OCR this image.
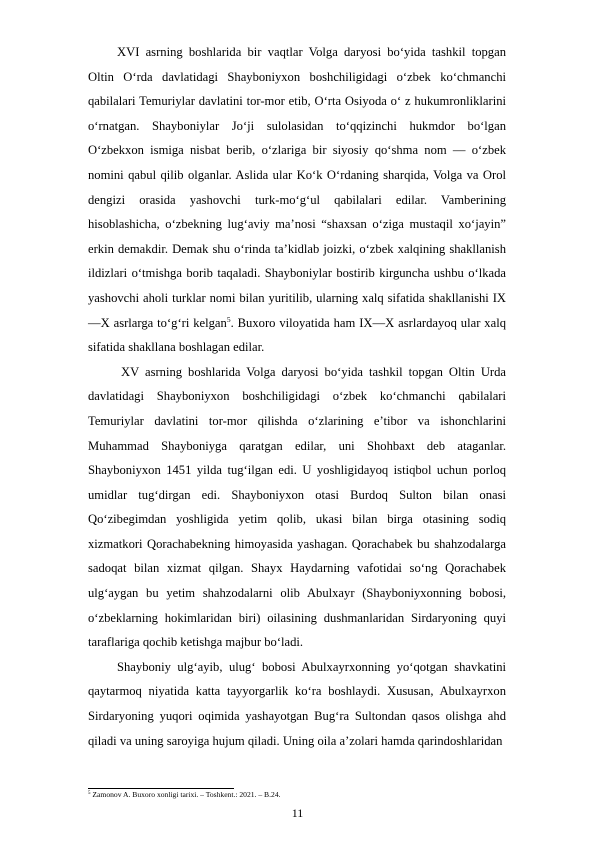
XVI asrning boshlarida bir vaqtlar Volga daryosi bo‘yida tashkil topgan Oltin O‘rda davlatidagi Shayboniyxon boshchiligidagi o‘zbek ko‘chmanchi qabilalari Temuriylar davlatini tor-mor etib, O‘rta Osiyoda o‘ z hukumronliklarini o‘rnatgan. Shayboniylar Jo‘ji sulolasidan to‘qqizinchi hukmdor bo‘lgan O‘zbekxon ismiga nisbat berib, o‘zlariga bir siyosiy qo‘shma nom — o‘zbek nomini qabul qilib olganlar. Aslida ular Ko‘k O‘rdaning sharqida, Volga va Orol dengizi orasida yashovchi turk-mo‘g‘ul qabilalari edilar. Vamberining hisoblashicha, o‘zbekning lug‘aviy ma’nosi “shaxsan o‘ziga mustaqil xo‘jayin” erkin demakdir. Demak shu o‘rinda ta’kidlab joizki, o‘zbek xalqining shakllanish ildizlari o‘tmishga borib taqaladi. Shayboniylar bostirib kirguncha ushbu o‘lkada yashovchi aholi turklar nomi bilan yuritilib, ularning xalq sifatida shakllanishi IX—X asrlarga to‘g‘ri kelgan$^5$. Buxoro viloyatida ham IX—X asrlardayoq ular xalq sifatida shakllana boshlagan edilar.

XV asrning boshlarida Volga daryosi bo‘yida tashkil topgan Oltin Urda davlatidagi Shayboniyxon boshchiligidagi o‘zbek ko‘chmanchi qabilalari Temuriylar davlatini tor-mor qilishda o‘zlarining e’tibor va ishonchlarini Muhammad Shayboniyga qaratgan edilar, uni Shohbaxt deb ataganlar. Shayboniyxon 1451 yilda tug‘ilgan edi. U yoshligidayoq istiqbol uchun porloq umidlar tug‘dirgan edi. Shayboniyxon otasi Burdoq Sulton bilan onasi Qo‘zibegimdan yoshligida yetim qolib, ukasi bilan birga otasining sodiq xizmatkori Qorachabekning himoyasida yashagan. Qorachabek bu shahzodalarga sadoqat bilan xizmat qilgan. Shayx Haydarning vafotidai so‘ng Qorachabek ulg‘aygan bu yetim shahzodalarni olib Abulxayr (Shayboniyxonning bobosi, o‘zbeklarning hokimlaridan biri) oilasining dushmanlaridan Sirdaryoning quyi taraflariga qochib ketishga majbur bo‘ladi.

Shayboniy ulg‘ayib, ulug‘ bobosi Abulxayrxonning yo‘qotgan shavkatini qaytarmoq niyatida katta tayyorgarlik ko‘ra boshlaydi. Xususan, Abulxayrxon Sirdaryoning yuqori oqimida yashayotgan Bug‘ra Sultondan qasos olishga ahd qiladi va uning saroyiga hujum qiladi. Uning oila a’zolari hamda qarindoshlaridan

$^5$ Zamonov A. Buxoro xonligi tarixi. – Toshkent.: 2021. – B.24.
11
